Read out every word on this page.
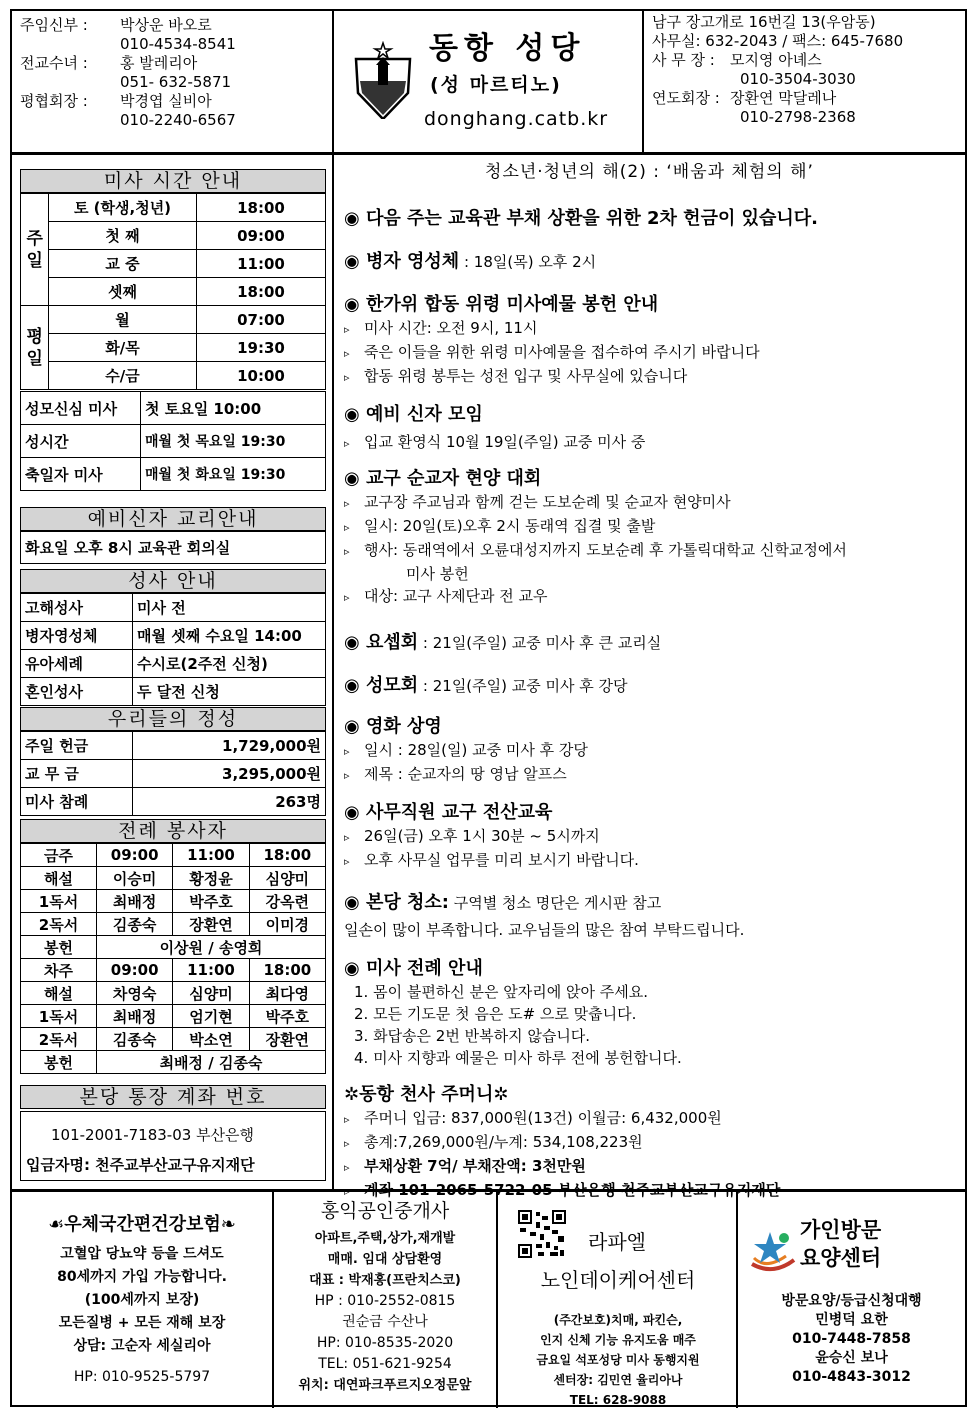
주임신부 :	박상운 바오로
010-4534-8541
전교수녀 :	홍 발레리아
051- 632-5871
평협회장 :	박경엽 실비아
010-2240-6567
동항 성당
(성 마르티노)
donghang.catb.kr
남구 장고개로 16번길 13(우암동)
사무실: 632-2043 / 팩스: 645-7680
사 무 장 :	모지영 아녜스
010-3504-3030
연도회장 : 장환연 막달레나
010-2798-2368
미사 시간 안내
주일	토 (학생,청년)	18:00
	첫 째	09:00
	교 중	11:00
	셋째	18:00
평일	월	07:00
	화/목	19:30
	수/금	10:00
성모신심 미사	첫 토요일 10:00
성시간	매월 첫 목요일 19:30
축일자 미사	매월 첫 화요일 19:30
예비신자 교리안내
화요일 오후 8시 교육관 회의실
성사 안내
고해성사	미사 전
병자영성체	매월 셋째 수요일 14:00
유아세례	수시로(2주전 신청)
혼인성사	두 달전 신청
우리들의 정성
주일 헌금	1,729,000원
교 무 금	3,295,000원
미사 참례	263명
전례 봉사자
금주	09:00	11:00	18:00
해설	이승미	황정윤	심양미
1독서	최배정	박주호	강옥련
2독서	김종숙	장환연	이미경
봉헌	이상원 / 송영희		
차주	09:00	11:00	18:00
해설	차영숙	심양미	최다영
1독서	최배정	엄기현	박주호
2독서	김종숙	박소연	장환연
봉헌	최배정 / 김종숙		
본당 통장 계좌 번호
101-2001-7183-03 부산은행
입금자명: 천주교부산교구유지재단
청소년·청년의 해(2) : ‘배움과 체험의 해’
◉ 다음 주는 교육관 부채 상환을 위한 2차 헌금이 있습니다.
◉ 병자 영성체 : 18일(목) 오후 2시
◉ 한가위 합동 위령 미사예물 봉헌 안내
▹ 미사 시간: 오전 9시, 11시
▹ 죽은 이들을 위한 위령 미사예물을 접수하여 주시기 바랍니다
▹ 합동 위령 봉투는 성전 입구 및 사무실에 있습니다
◉ 예비 신자 모임
▹ 입교 환영식 10월 19일(주일) 교중 미사 중
◉ 교구 순교자 현양 대회
▹ 교구장 주교님과 함께 걷는 도보순례 및 순교자 현양미사
▹ 일시: 20일(토)오후 2시 동래역 집결 및 출발
▹ 행사: 동래역에서 오륜대성지까지 도보순례 후 가톨릭대학교 신학교정에서
미사 봉헌
▹ 대상: 교구 사제단과 전 교우
◉ 요셉회 : 21일(주일) 교중 미사 후 큰 교리실
◉ 성모회 : 21일(주일) 교중 미사 후 강당
◉ 영화 상영
▹ 일시 : 28일(일) 교중 미사 후 강당
▹ 제목 : 순교자의 땅 영남 알프스
◉ 사무직원 교구 전산교육
▹ 26일(금) 오후 1시 30분 ~ 5시까지
▹ 오후 사무실 업무를 미리 보시기 바랍니다.
◉ 본당 청소: 구역별 청소 명단은 게시판 참고
일손이 많이 부족합니다. 교우님들의 많은 참여 부탁드립니다.
◉ 미사 전례 안내
1. 몸이 불편하신 분은 앞자리에 앉아 주세요.
2. 모든 기도문 첫 음은 도# 으로 맞춥니다.
3. 화답송은 2번 반복하지 않습니다.
4. 미사 지향과 예물은 미사 하루 전에 봉헌합니다.
✲동항 천사 주머니✲
▹ 주머니 입금: 837,000원(13건) 이월금: 6,432,000원
▹ 총계:7,269,000원/누계: 534,108,223원
▹ 부채상환 7억/ 부채잔액: 3천만원
▹ 계좌 101-2065-5722-05 부산은행 천주교부산교구유지재단
☙우체국간편건강보험❧
고혈압 당뇨약 등을 드셔도
80세까지 가입 가능합니다.
(100세까지 보장)
모든질병 + 모든 재해 보장
상담: 고순자 세실리아
HP: 010-9525-5797
홍익공인중개사
아파트,주택,상가,재개발
매매. 임대 상담환영
대표 : 박재홍(프란치스코)
HP : 010-2552-0815
권순금 수산나
HP: 010-8535-2020
TEL: 051-621-9254
위치: 대연파크푸르지오정문앞
라파엘
노인데이케어센터
(주간보호)치매, 파킨슨,
인지 신체 기능 유지도움 매주
금요일 석포성당 미사 동행지원
센터장: 김민연 율리아나
TEL: 628-9088
가인방문
요양센터
방문요양/등급신청대행
민병덕 요한
010-7448-7858
윤승신 보나
010-4843-3012
